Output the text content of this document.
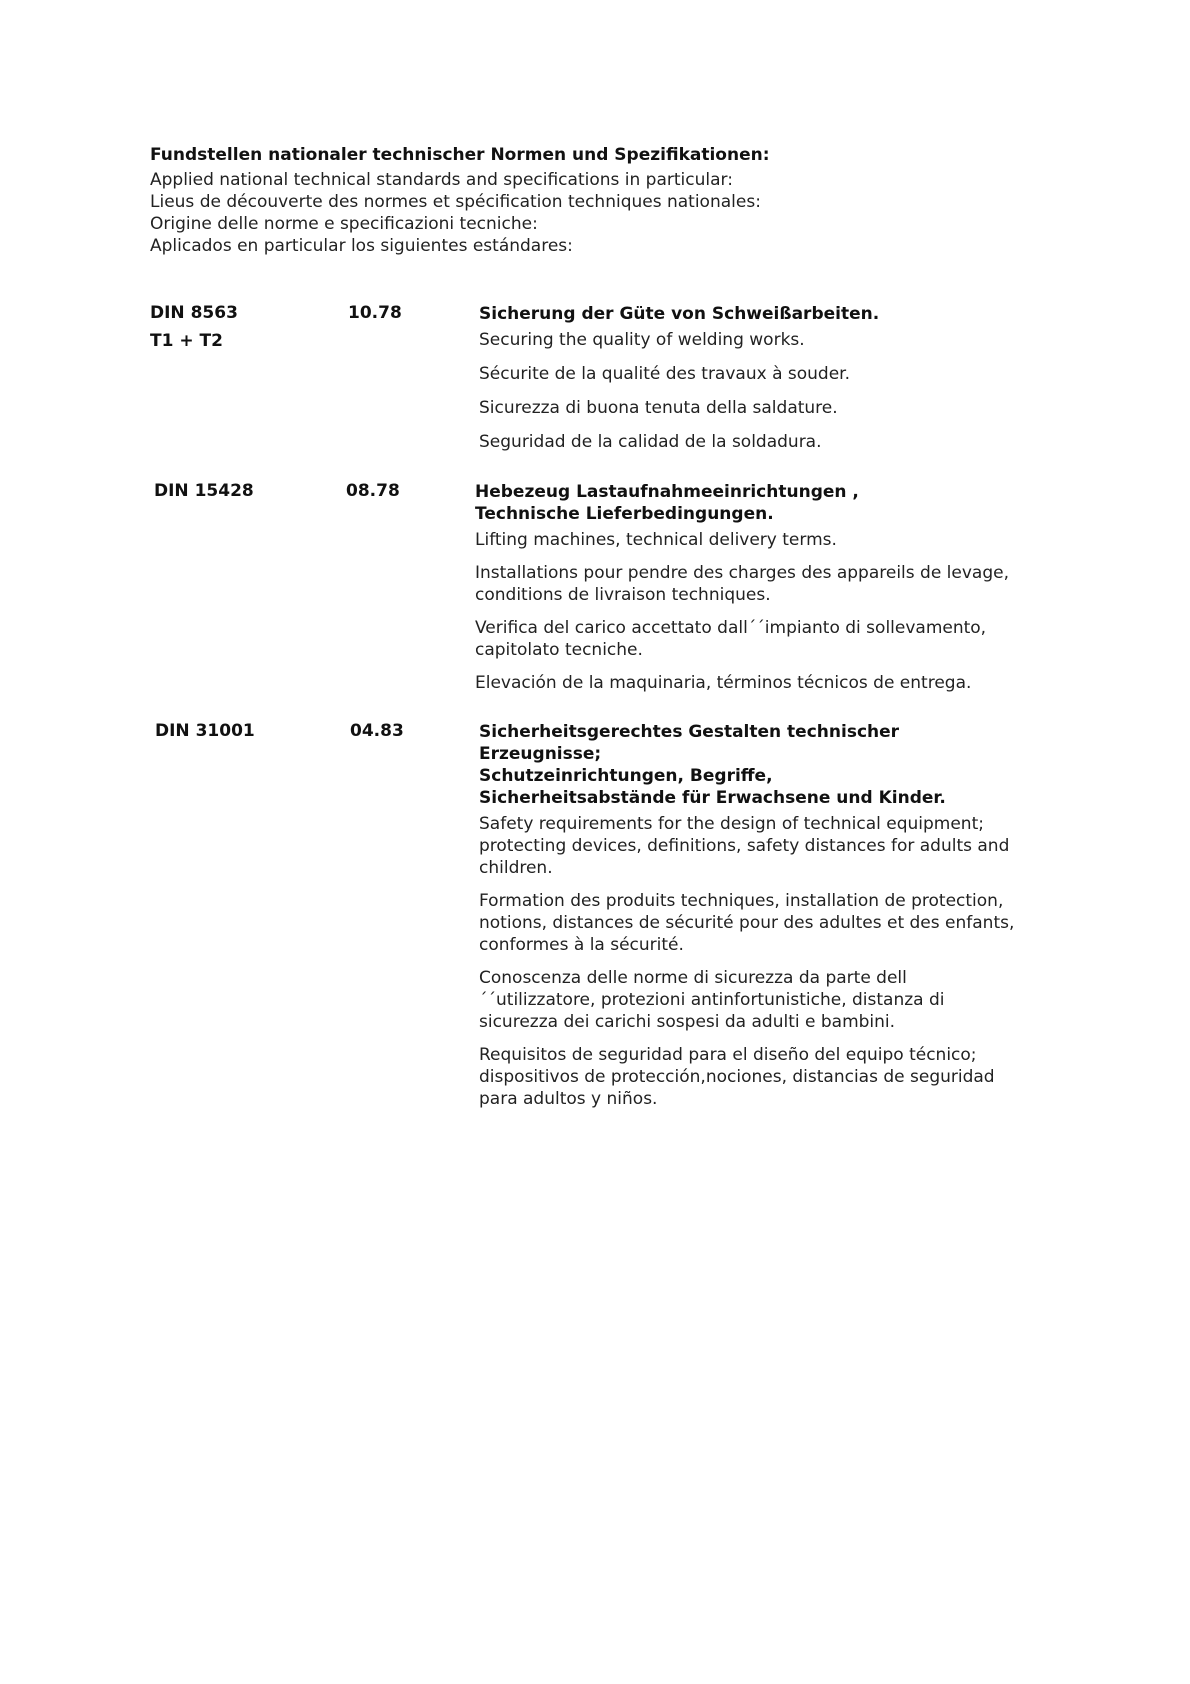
Fundstellen nationaler technischer Normen und Spezifikationen:

Applied national technical standards and specifications in particular:

Lieus de découverte des normes et spécification techniques nationales:

Origine delle norme e specificazioni tecniche:

Aplicados en particular los siguientes estándares:

DIN 8563
T1 + T2
10.78	Sicherung der Güte von Schweißarbeiten.

Securing the quality of welding works.

Sécurite de la qualité des travaux à souder.

Sicurezza di buona tenuta della saldature.

Seguridad de la calidad de la soldadura.

DIN 15428	08.78	Hebezeug Lastaufnahmeeinrichtungen ,
Technische Lieferbedingungen.

Lifting machines, technical delivery terms.

Installations pour pendre des charges des appareils de levage, conditions de livraison techniques.

Verifica del carico accettato dall´´impianto di sollevamento, capitolato tecniche.

Elevación de la maquinaria, términos técnicos de entrega.

DIN 31001	04.83	Sicherheitsgerechtes Gestalten technischer Erzeugnisse;
Schutzeinrichtungen, Begriffe,
Sicherheitsabstände für Erwachsene und Kinder.

Safety requirements for the design of technical equipment; protecting devices, definitions, safety distances for adults and children.

Formation des produits techniques, installation de protection, notions, distances de sécurité pour des adultes et des enfants, conformes à la sécurité.

Conoscenza delle norme di sicurezza da parte dell´´utilizzatore, protezioni antinfortunistiche, distanza di sicurezza dei carichi sospesi da adulti e bambini.

Requisitos de seguridad para el diseño del equipo técnico; dispositivos de protección,nociones, distancias de seguridad para adultos y niños.
